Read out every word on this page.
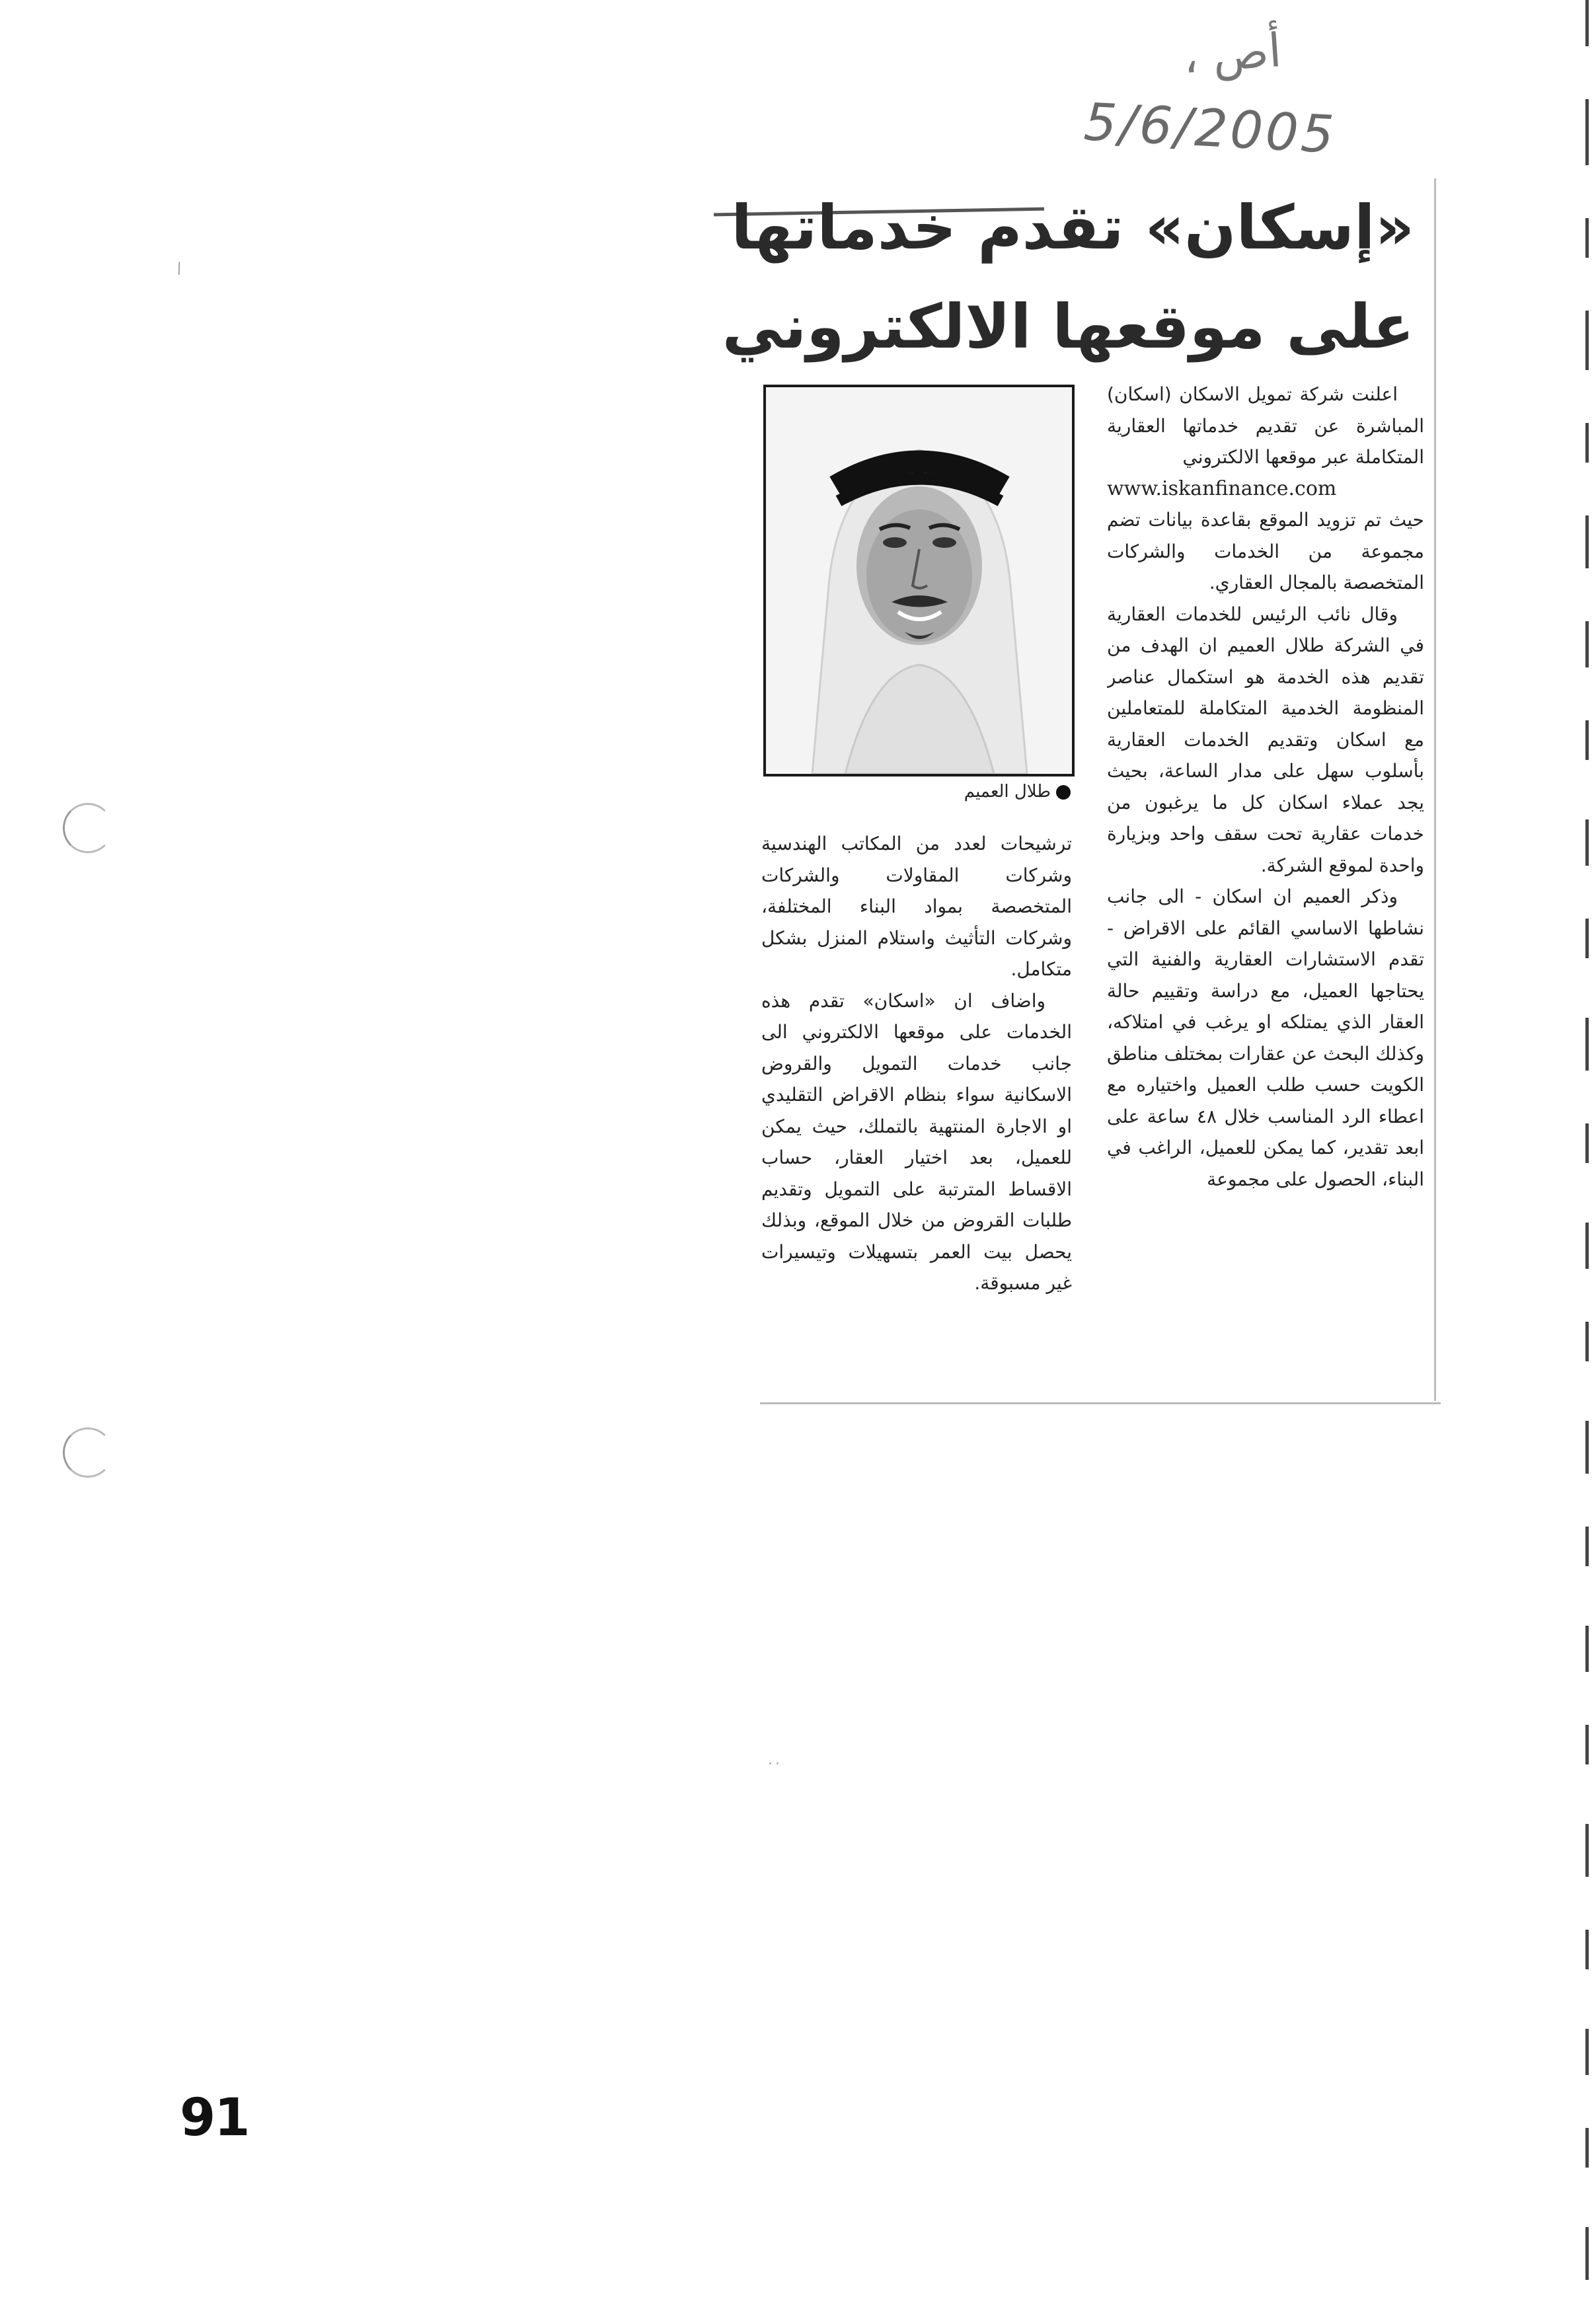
أص ،
5/6/2005
«إسكان» تقدم خدماتها
على موقعها الالكتروني
طلال العميم

اعلنت شركة تمويل الاسكان (اسكان) المباشرة عن تقديم خدماتها العقارية المتكاملة عبر موقعها الالكتروني

www.iskanfinance.com

حيث تم تزويد الموقع بقاعدة بيانات تضم مجموعة من الخدمات والشركات المتخصصة بالمجال العقاري.

وقال نائب الرئيس للخدمات العقارية في الشركة طلال العميم ان الهدف من تقديم هذه الخدمة هو استكمال عناصر المنظومة الخدمية المتكاملة للمتعاملين مع اسكان وتقديم الخدمات العقارية بأسلوب سهل على مدار الساعة، بحيث يجد عملاء اسكان كل ما يرغبون من خدمات عقارية تحت سقف واحد وبزيارة واحدة لموقع الشركة.

وذكر العميم ان اسكان - الى جانب نشاطها الاساسي القائم على الاقراض - تقدم الاستشارات العقارية والفنية التي يحتاجها العميل، مع دراسة وتقييم حالة العقار الذي يمتلكه او يرغب في امتلاكه، وكذلك البحث عن عقارات بمختلف مناطق الكويت حسب طلب العميل واختياره مع اعطاء الرد المناسب خلال ٤٨ ساعة على ابعد تقدير، كما يمكن للعميل، الراغب في البناء، الحصول على مجموعة

ترشيحات لعدد من المكاتب الهندسية وشركات المقاولات والشركات المتخصصة بمواد البناء المختلفة، وشركات التأثيث واستلام المنزل بشكل متكامل.

واضاف ان «اسكان» تقدم هذه الخدمات على موقعها الالكتروني الى جانب خدمات التمويل والقروض الاسكانية سواء بنظام الاقراض التقليدي او الاجارة المنتهية بالتملك، حيث يمكن للعميل، بعد اختيار العقار، حساب الاقساط المترتبة على التمويل وتقديم طلبات القروض من خلال الموقع، وبذلك يحصل بيت العمر بتسهيلات وتيسيرات غير مسبوقة.

˙˙
⁄
91
